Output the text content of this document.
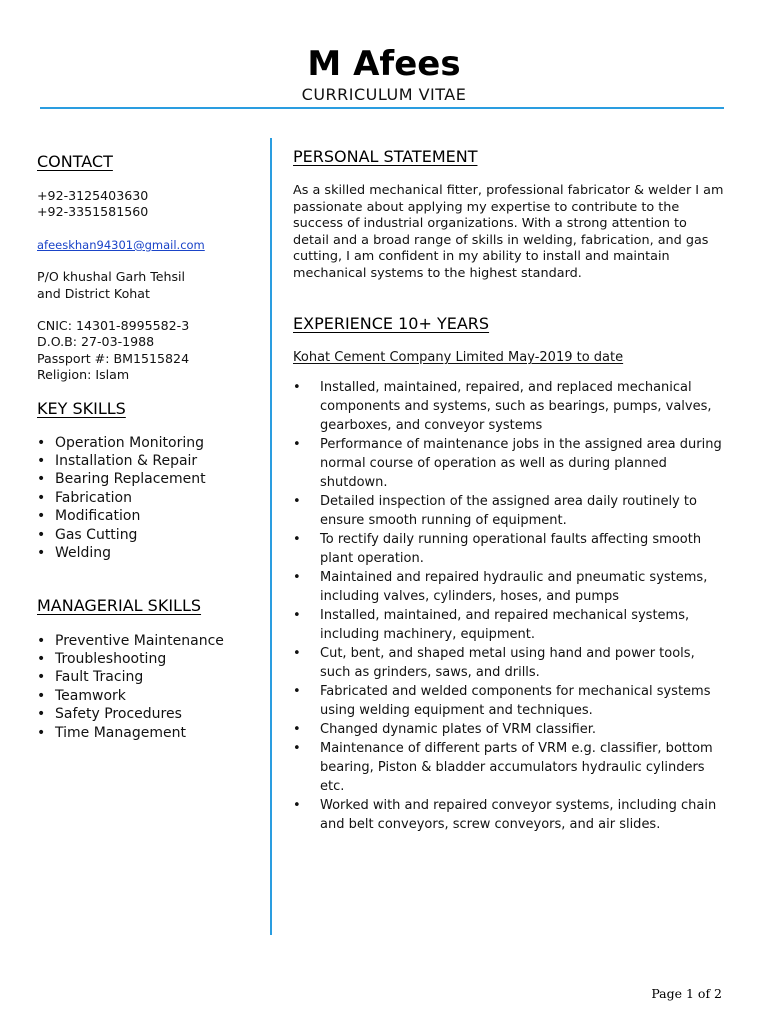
M Afees
CURRICULUM VITAE
CONTACT

+92-3125403630

+92-3351581560

afeeskhan94301@gmail.com

P/O khushal Garh Tehsil

and District Kohat

CNIC: 14301-8995582-3

D.O.B: 27-03-1988

Passport #: BM1515824

Religion: Islam

KEY SKILLS
• Operation Monitoring
• Installation & Repair
• Bearing Replacement
• Fabrication
• Modification
• Gas Cutting
• Welding
MANAGERIAL SKILLS
• Preventive Maintenance
• Troubleshooting
• Fault Tracing
• Teamwork
• Safety Procedures
• Time Management
PERSONAL STATEMENT

As a skilled mechanical fitter, professional fabricator & welder I am passionate about applying my expertise to contribute to the success of industrial organizations. With a strong attention to detail and a broad range of skills in welding, fabrication, and gas cutting, I am confident in my ability to install and maintain mechanical systems to the highest standard.

EXPERIENCE 10+ YEARS

Kohat Cement Company Limited May-2019 to date

• Installed, maintained, repaired, and replaced mechanical components and systems, such as bearings, pumps, valves, gearboxes, and conveyor systems
• Performance of maintenance jobs in the assigned area during normal course of operation as well as during planned shutdown.
• Detailed inspection of the assigned area daily routinely to ensure smooth running of equipment.
• To rectify daily running operational faults affecting smooth plant operation.
• Maintained and repaired hydraulic and pneumatic systems, including valves, cylinders, hoses, and pumps
• Installed, maintained, and repaired mechanical systems, including machinery, equipment.
• Cut, bent, and shaped metal using hand and power tools, such as grinders, saws, and drills.
• Fabricated and welded components for mechanical systems using welding equipment and techniques.
• Changed dynamic plates of VRM classifier.
• Maintenance of different parts of VRM e.g. classifier, bottom bearing, Piston & bladder accumulators hydraulic cylinders etc.
• Worked with and repaired conveyor systems, including chain and belt conveyors, screw conveyors, and air slides.
Page 1 of 2
